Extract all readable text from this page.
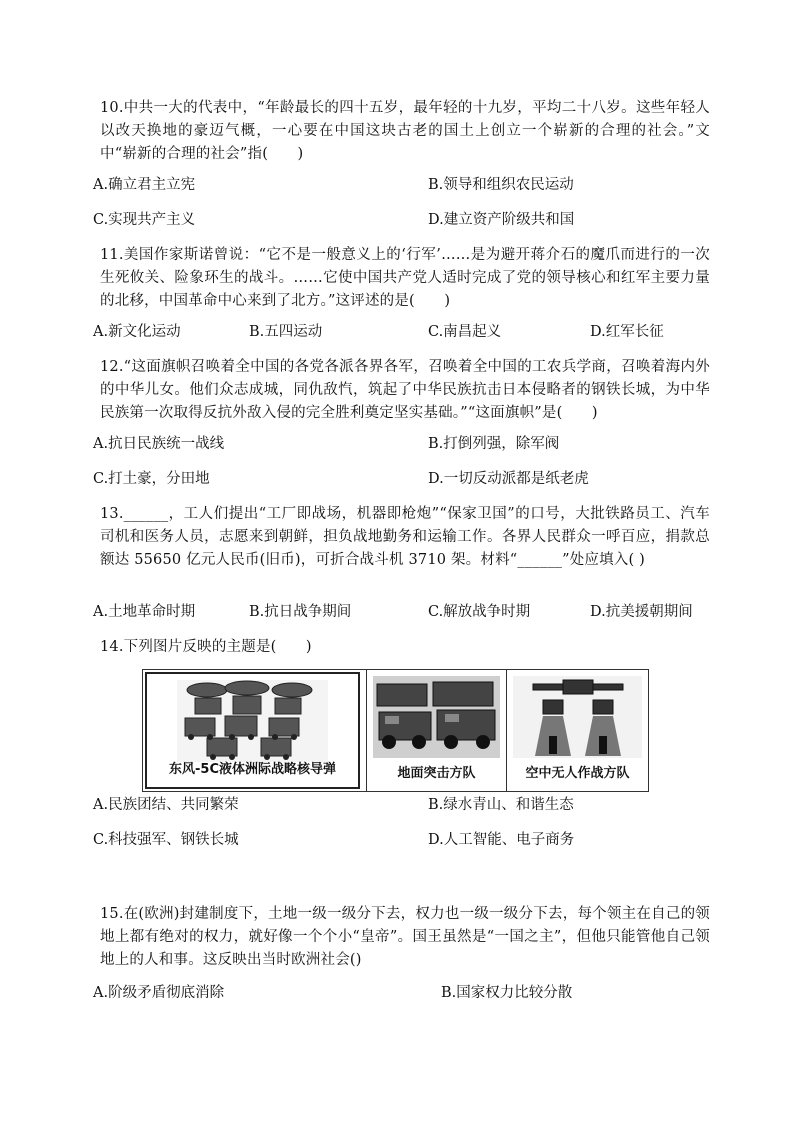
10.中共一大的代表中，“年龄最长的四十五岁，最年轻的十九岁，平均二十八岁。这些年轻人以改天换地的豪迈气概，一心要在中国这块古老的国土上创立一个崭新的合理的社会。”文中“崭新的合理的社会”指(　　)
A.确立君主立宪	B.领导和组织农民运动
C.实现共产主义	D.建立资产阶级共和国
11.美国作家斯诺曾说：“它不是一般意义上的‘行军’……是为避开蒋介石的魔爪而进行的一次生死攸关、险象环生的战斗。……它使中国共产党人适时完成了党的领导核心和红军主要力量的北移，中国革命中心来到了北方。”这评述的是(　　)
A.新文化运动	B.五四运动	C.南昌起义	D.红军长征
12.“这面旗帜召唤着全中国的各党各派各界各军，召唤着全中国的工农兵学商，召唤着海内外的中华儿女。他们众志成城，同仇敌忾，筑起了中华民族抗击日本侵略者的钢铁长城，为中华民族第一次取得反抗外敌入侵的完全胜利奠定坚实基础。”“这面旗帜”是(　　)
A.抗日民族统一战线	B.打倒列强，除军阀
C.打土豪，分田地	D.一切反动派都是纸老虎
13.______，工人们提出“工厂即战场，机器即枪炮”“保家卫国”的口号，大批铁路员工、汽车司机和医务人员，志愿来到朝鲜，担负战地勤务和运输工作。各界人民群众一呼百应，捐款总额达 55650 亿元人民币(旧币)，可折合战斗机 3710 架。材料“______”处应填入( )
A.土地革命时期	B.抗日战争期间	C.解放战争时期	D.抗美援朝期间
14.下列图片反映的主题是(　　)
东风-5C液体洲际战略核导弹	地面突击方队	空中无人作战方队
A.民族团结、共同繁荣	B.绿水青山、和谐生态
C.科技强军、钢铁长城	D.人工智能、电子商务
15.在(欧洲)封建制度下，土地一级一级分下去，权力也一级一级分下去，每个领主在自己的领地上都有绝对的权力，就好像一个个小“皇帝”。国王虽然是“一国之主”，但他只能管他自己领地上的人和事。这反映出当时欧洲社会()
A.阶级矛盾彻底消除	B.国家权力比较分散
